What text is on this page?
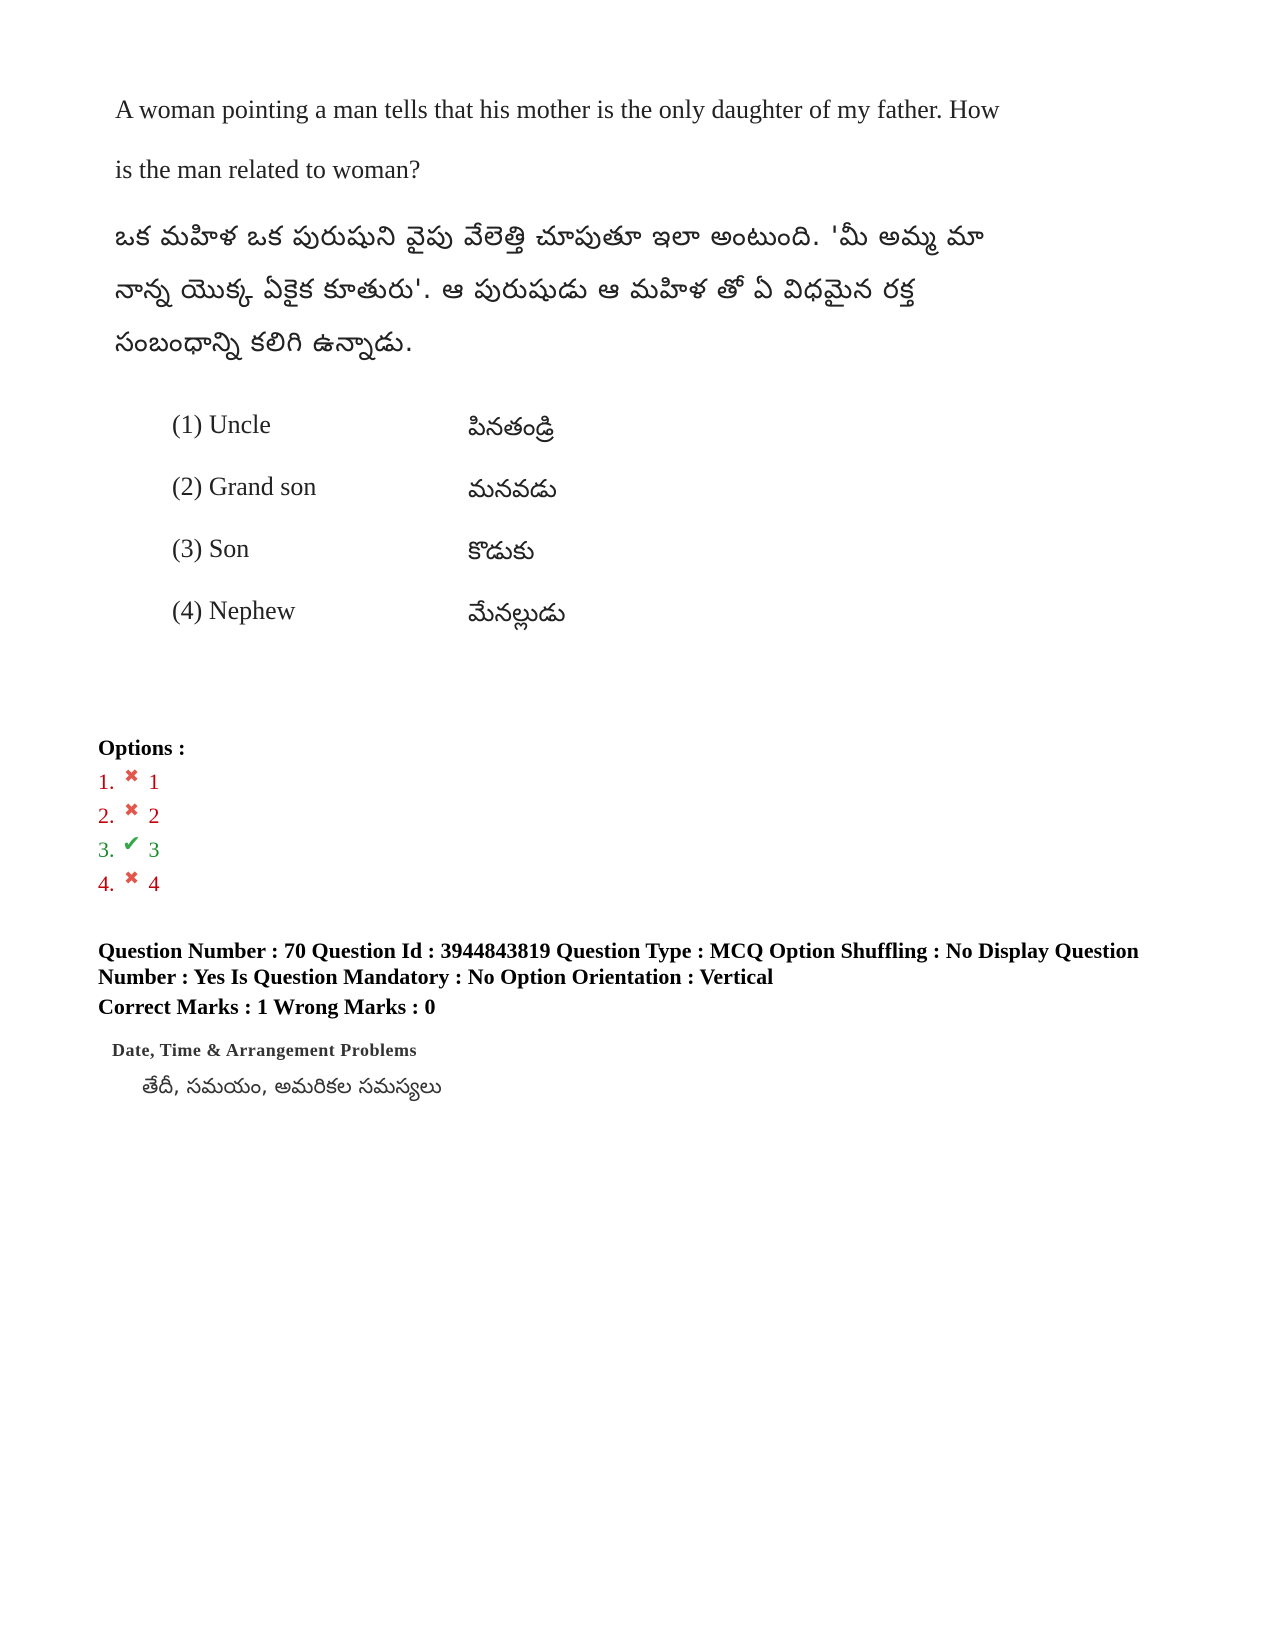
A woman pointing a man tells that his mother is the only daughter of my father. How

is the man related to woman?

ఒక మహిళ ఒక పురుషుని వైపు వేలెత్తి చూపుతూ ఇలా అంటుంది. 'మీ అమ్మ మా

నాన్న యొక్క ఏకైక కూతురు'. ఆ పురుషుడు ఆ మహిళ తో ఏ విధమైన రక్త

సంబంధాన్ని కలిగి ఉన్నాడు.

(1) Uncle	పినతండ్రి
(2) Grand son	మనవడు
(3) Son	కొడుకు
(4) Nephew	మేనల్లుడు

Options :

1. ✖ 1
2. ✖ 2
3. ✔ 3
4. ✖ 4

Question Number : 70 Question Id : 3944843819 Question Type : MCQ Option Shuffling : No Display Question

Number : Yes Is Question Mandatory : No Option Orientation : Vertical

Correct Marks : 1 Wrong Marks : 0

Date, Time & Arrangement Problems
తేదీ, సమయం, అమరికల సమస్యలు
